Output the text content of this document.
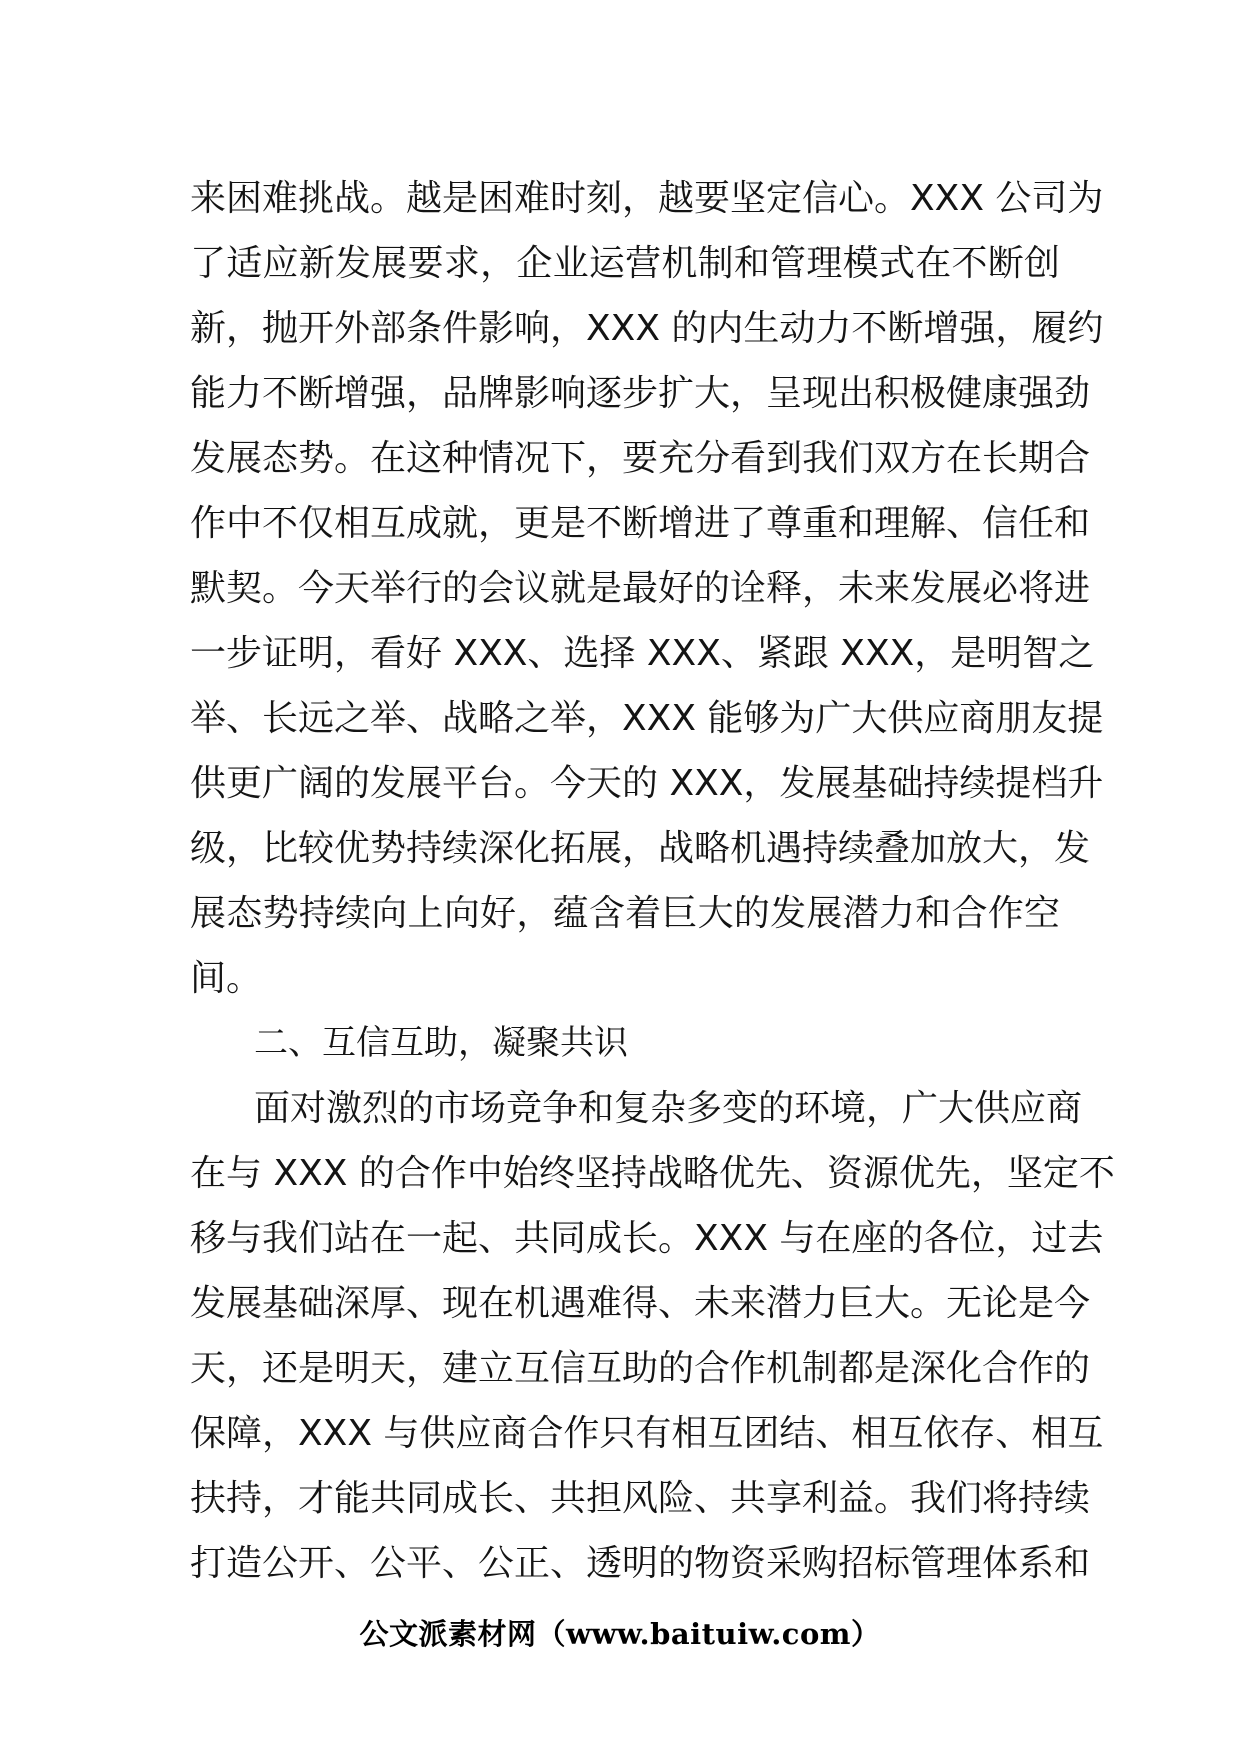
来困难挑战。越是困难时刻，越要坚定信心。XXX 公司为
了适应新发展要求，企业运营机制和管理模式在不断创
新，抛开外部条件影响，XXX 的内生动力不断增强，履约
能力不断增强，品牌影响逐步扩大，呈现出积极健康强劲
发展态势。在这种情况下，要充分看到我们双方在长期合
作中不仅相互成就，更是不断增进了尊重和理解、信任和
默契。今天举行的会议就是最好的诠释，未来发展必将进
一步证明，看好 XXX、选择 XXX、紧跟 XXX，是明智之
举、长远之举、战略之举，XXX 能够为广大供应商朋友提
供更广阔的发展平台。今天的 XXX，发展基础持续提档升
级，比较优势持续深化拓展，战略机遇持续叠加放大，发
展态势持续向上向好，蕴含着巨大的发展潜力和合作空
间。
二、互信互助，凝聚共识
面对激烈的市场竞争和复杂多变的环境，广大供应商
在与 XXX 的合作中始终坚持战略优先、资源优先，坚定不
移与我们站在一起、共同成长。XXX 与在座的各位，过去
发展基础深厚、现在机遇难得、未来潜力巨大。无论是今
天，还是明天，建立互信互助的合作机制都是深化合作的
保障，XXX 与供应商合作只有相互团结、相互依存、相互
扶持，才能共同成长、共担风险、共享利益。我们将持续
打造公开、公平、公正、透明的物资采购招标管理体系和
公文派素材网（www.baituiw.com）
